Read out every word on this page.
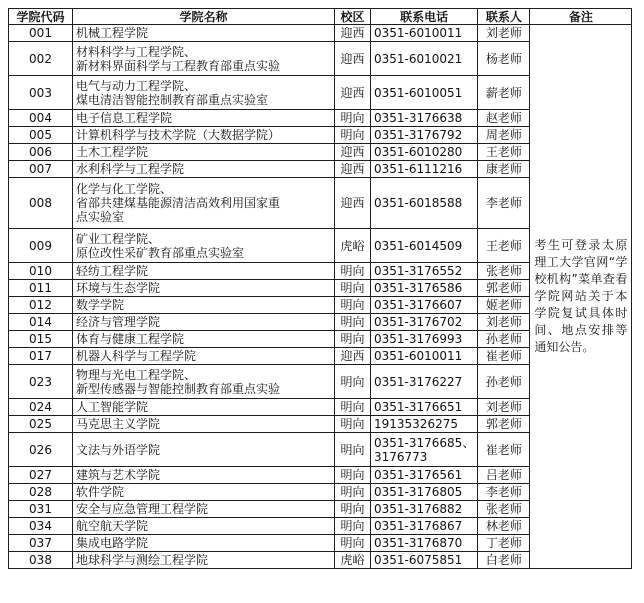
学院代码	学院名称	校区	联系电话	联系人	备注
001	机械工程学院	迎西	0351-6010011	刘老师	考生可登录太原理工大学官网“学校机构”菜单查看学院网站关于本学院复试具体时间、地点安排等通知公告。
002	材料科学与工程学院、
新材料界面科学与工程教育部重点实验	迎西	0351-6010021	杨老师	
003	电气与动力工程学院、
煤电清洁智能控制教育部重点实验室	迎西	0351-6010051	薪老师	
004	电子信息工程学院	明向	0351-3176638	赵老师	
005	计算机科学与技术学院（大数据学院）	明向	0351-3176792	周老师	
006	土木工程学院	迎西	0351-6010280	王老师	
007	水利科学与工程学院	迎西	0351-6111216	康老师	
008	化学与化工学院、
省部共建煤基能源清洁高效利用国家重
点实验室	迎西	0351-6018588	李老师	
009	矿业工程学院、
原位改性采矿教育部重点实验室	虎峪	0351-6014509	王老师	
010	轻纺工程学院	明向	0351-3176552	张老师	
011	环境与生态学院	明向	0351-3176586	郭老师	
012	数学学院	明向	0351-3176607	姬老师	
014	经济与管理学院	明向	0351-3176702	刘老师	
015	体育与健康工程学院	明向	0351-3176993	孙老师	
017	机器人科学与工程学院	迎西	0351-6010011	崔老师	
023	物理与光电工程学院、
新型传感器与智能控制教育部重点实验	明向	0351-3176227	孙老师	
024	人工智能学院	明向	0351-3176651	刘老师	
025	马克思主义学院	明向	19135326275	郭老师	
026	文法与外语学院	明向	0351-3176685、
3176773	崔老师	
027	建筑与艺术学院	明向	0351-3176561	吕老师	
028	软件学院	明向	0351-3176805	李老师	
031	安全与应急管理工程学院	明向	0351-3176882	张老师	
034	航空航天学院	明向	0351-3176867	林老师	
037	集成电路学院	明向	0351-3176870	丁老师	
038	地球科学与测绘工程学院	虎峪	0351-6075851	白老师	
